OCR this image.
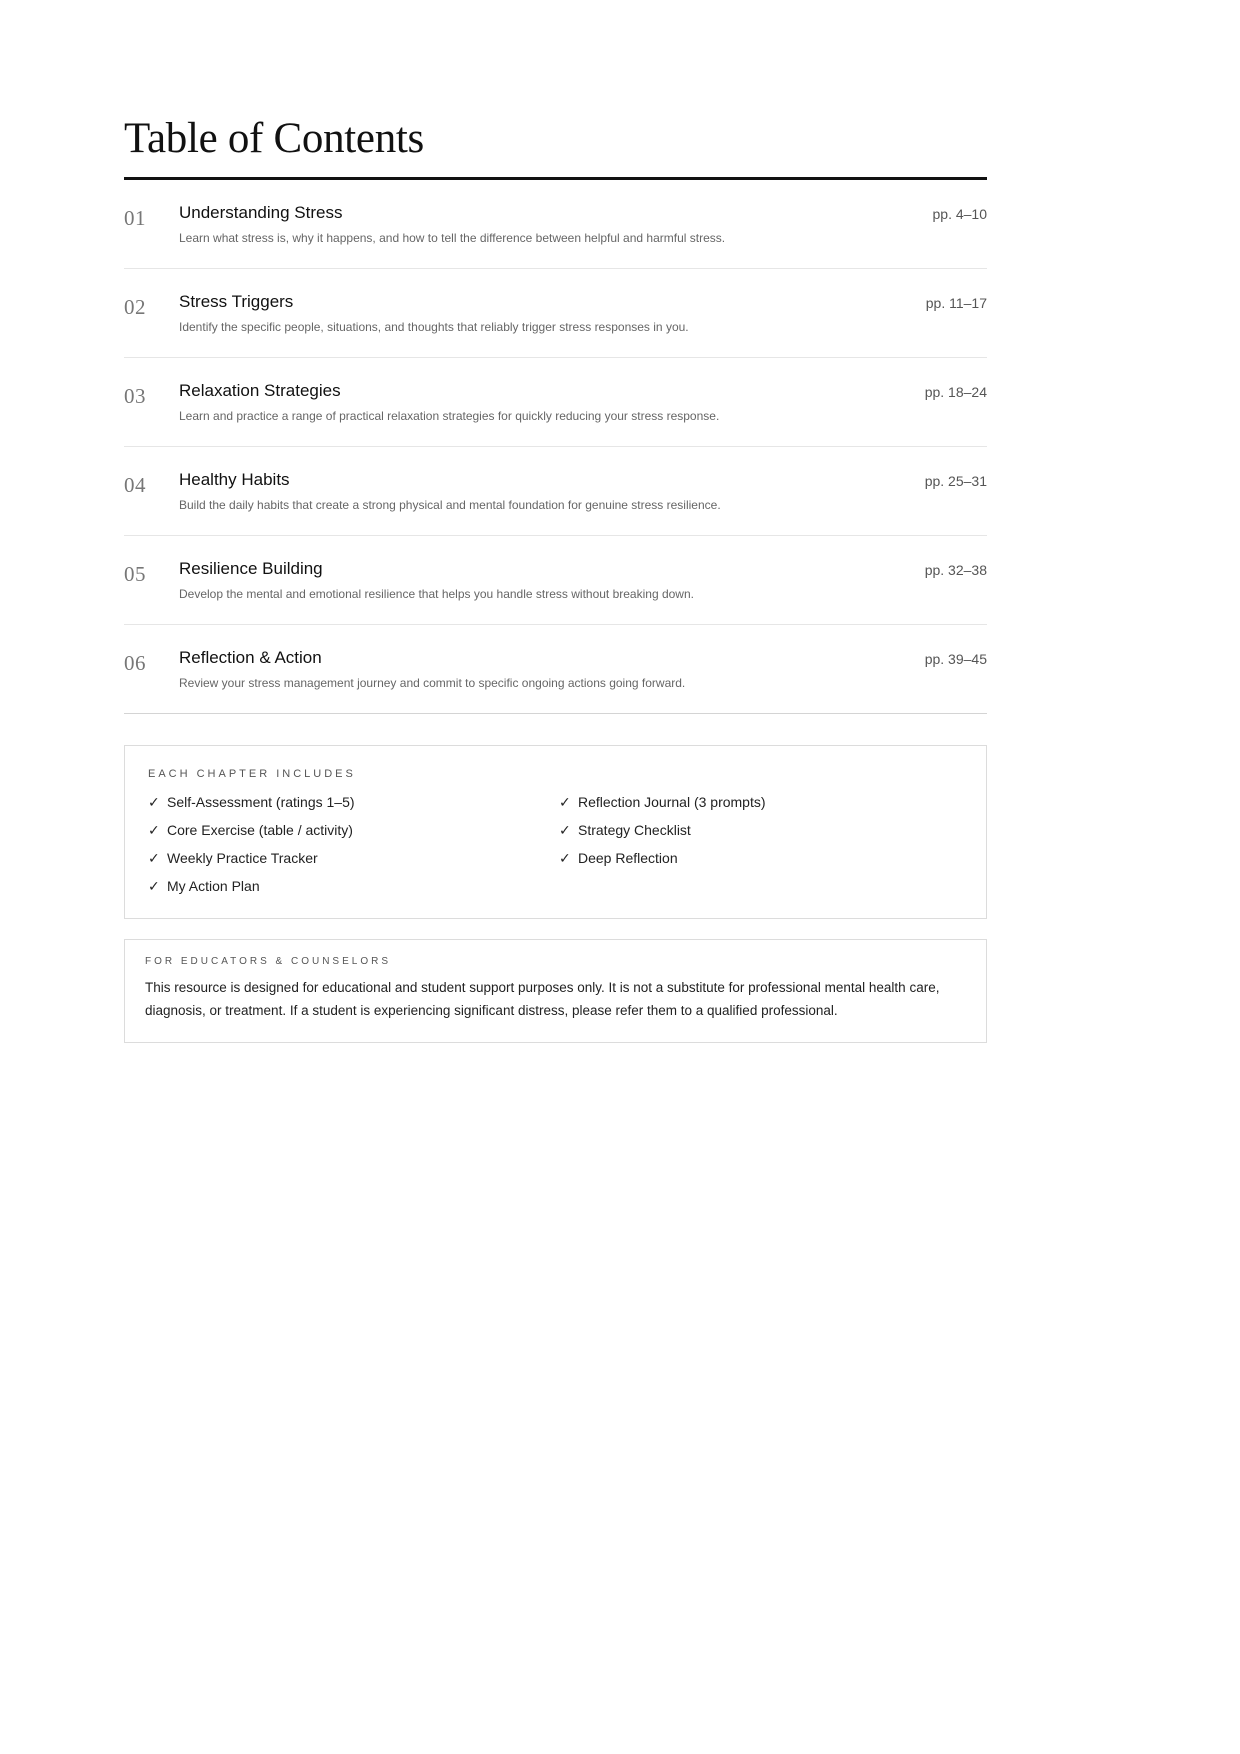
Table of Contents
01 Understanding Stress
Learn what stress is, why it happens, and how to tell the difference between helpful and harmful stress.
pp. 4–10
02 Stress Triggers
Identify the specific people, situations, and thoughts that reliably trigger stress responses in you.
pp. 11–17
03 Relaxation Strategies
Learn and practice a range of practical relaxation strategies for quickly reducing your stress response.
pp. 18–24
04 Healthy Habits
Build the daily habits that create a strong physical and mental foundation for genuine stress resilience.
pp. 25–31
05 Resilience Building
Develop the mental and emotional resilience that helps you handle stress without breaking down.
pp. 32–38
06 Reflection & Action
Review your stress management journey and commit to specific ongoing actions going forward.
pp. 39–45
EACH CHAPTER INCLUDES
✓ Self-Assessment (ratings 1–5)
✓ Core Exercise (table / activity)
✓ Weekly Practice Tracker
✓ My Action Plan
✓ Reflection Journal (3 prompts)
✓ Strategy Checklist
✓ Deep Reflection
FOR EDUCATORS & COUNSELORS

This resource is designed for educational and student support purposes only. It is not a substitute for professional mental health care, diagnosis, or treatment. If a student is experiencing significant distress, please refer them to a qualified professional.
